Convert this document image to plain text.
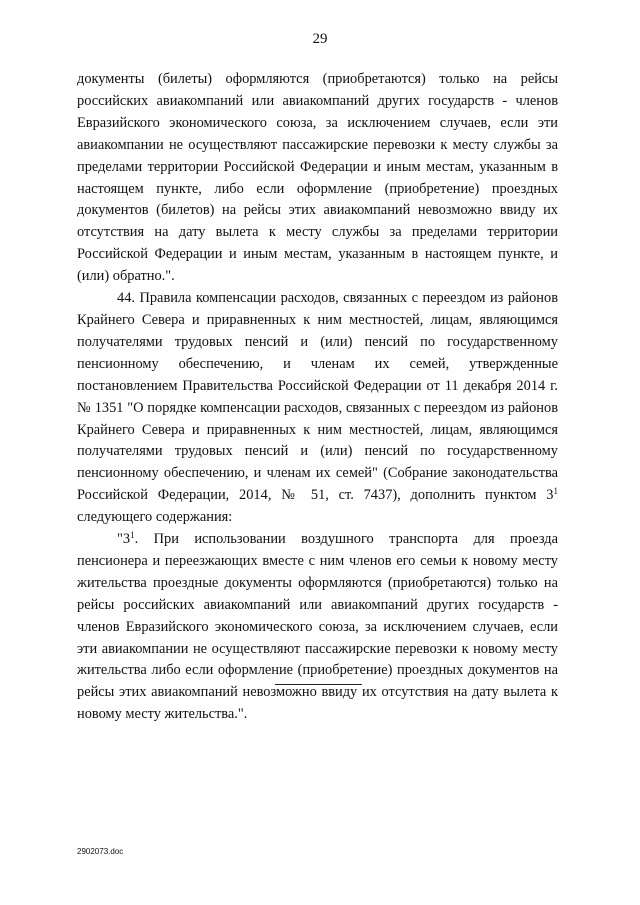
29

документы (билеты) оформляются (приобретаются) только на рейсы российских авиакомпаний или авиакомпаний других государств - членов Евразийского экономического союза, за исключением случаев, если эти авиакомпании не осуществляют пассажирские перевозки к месту службы за пределами территории Российской Федерации и иным местам, указанным в настоящем пункте, либо если оформление (приобретение) проездных документов (билетов) на рейсы этих авиакомпаний невозможно ввиду их отсутствия на дату вылета к месту службы за пределами территории Российской Федерации и иным местам, указанным в настоящем пункте, и (или) обратно.".

44. Правила компенсации расходов, связанных с переездом из районов Крайнего Севера и приравненных к ним местностей, лицам, являющимся получателями трудовых пенсий и (или) пенсий по государственному пенсионному обеспечению, и членам их семей, утвержденные постановлением Правительства Российской Федерации от 11 декабря 2014 г. № 1351 "О порядке компенсации расходов, связанных с переездом из районов Крайнего Севера и приравненных к ним местностей, лицам, являющимся получателями трудовых пенсий и (или) пенсий по государственному пенсионному обеспечению, и членам их семей" (Собрание законодательства Российской Федерации, 2014, № 51, ст. 7437), дополнить пунктом $3^1$ следующего содержания:

"$3^1$. При использовании воздушного транспорта для проезда пенсионера и переезжающих вместе с ним членов его семьи к новому месту жительства проездные документы оформляются (приобретаются) только на рейсы российских авиакомпаний или авиакомпаний других государств - членов Евразийского экономического союза, за исключением случаев, если эти авиакомпании не осуществляют пассажирские перевозки к новому месту жительства либо если оформление (приобретение) проездных документов на рейсы этих авиакомпаний невозможно ввиду их отсутствия на дату вылета к новому месту жительства.".

2902073.doc
